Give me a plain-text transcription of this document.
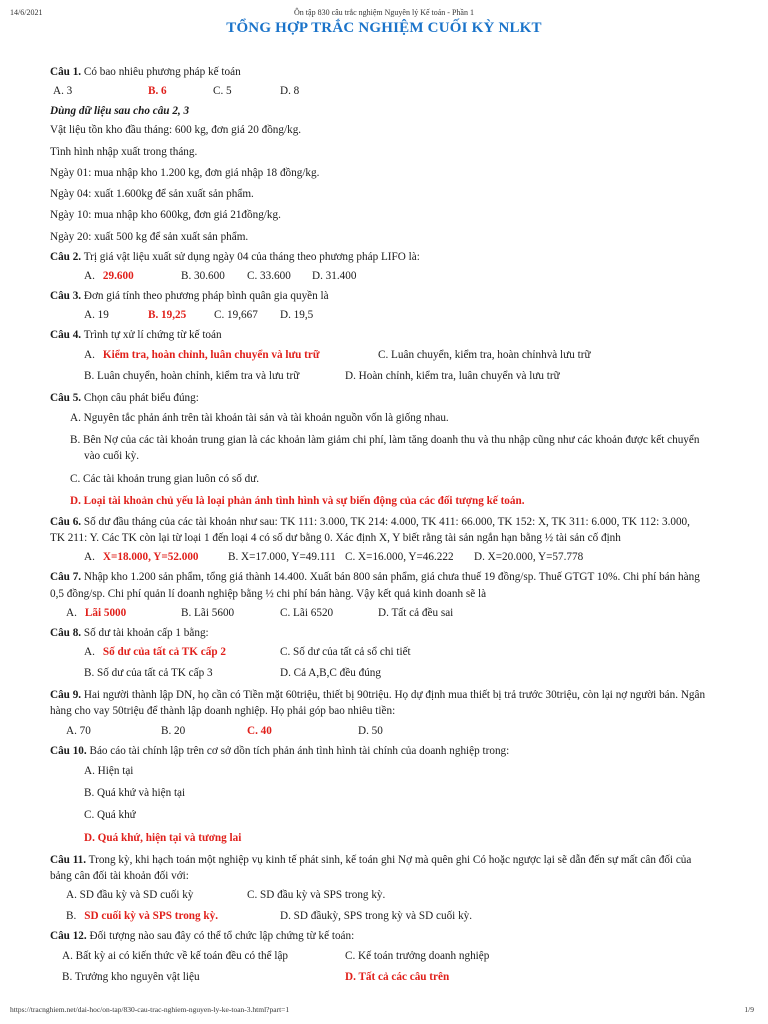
14/6/2021	Ôn tập 830 câu trắc nghiệm Nguyên lý Kế toán - Phần 1
TỔNG HỢP TRẮC NGHIỆM CUỐI KỲ NLKT

Câu 1. Có bao nhiêu phương pháp kế toán

A. 3	B. 6	C. 5	D. 8

Dùng dữ liệu sau cho câu 2, 3

Vật liệu tồn kho đầu tháng: 600 kg, đơn giá 20 đồng/kg.

Tình hình nhập xuất trong tháng.

Ngày 01: mua nhập kho 1.200 kg, đơn giá nhập 18 đồng/kg.

Ngày 04: xuất 1.600kg để sản xuất sản phẩm.

Ngày 10: mua nhập kho 600kg, đơn giá 21đồng/kg.

Ngày 20: xuất 500 kg để sản xuất sản phẩm.

Câu 2. Trị giá vật liệu xuất sử dụng ngày 04 của tháng theo phương pháp LIFO là:

A. 29.600	B. 30.600 C. 33.600 D. 31.400

Câu 3. Đơn giá tính theo phương pháp bình quân gia quyền là

A. 19	B. 19,25 C. 19,667 D. 19,5

Câu 4. Trình tự xử lí chứng từ kế toán

A. Kiểm tra, hoàn chỉnh, luân chuyển và lưu trữ	C. Luân chuyển, kiểm tra, hoàn chỉnhvà lưu trữ
B. Luân chuyển, hoàn chỉnh, kiểm tra và lưu trữ	D. Hoàn chỉnh, kiểm tra, luân chuyển và lưu trữ

Câu 5. Chọn câu phát biểu đúng:

A. Nguyên tắc phản ánh trên tài khoản tài sản và tài khoản nguồn vốn là giống nhau.

B. Bên Nợ của các tài khoản trung gian là các khoản làm giảm chi phí, làm tăng doanh thu và thu nhập cũng như các khoản được kết chuyển

vào cuối kỳ.

C. Các tài khoản trung gian luôn có số dư.

D. Loại tài khoản chủ yếu là loại phản ánh tình hình và sự biến động của các đối tượng kế toán.

Câu 6. Số dư đầu tháng của các tài khoản như sau: TK 111: 3.000, TK 214: 4.000, TK 411: 66.000, TK 152: X, TK 311: 6.000, TK 112: 3.000,

TK 211: Y. Các TK còn lại từ loại 1 đến loại 4 có số dư bằng 0. Xác định X, Y biết rằng tài sản ngắn hạn bằng ½ tài sản cố định

A. X=18.000, Y=52.000	B. X=17.000, Y=49.111 C. X=16.000, Y=46.222 D. X=20.000, Y=57.778

Câu 7. Nhập kho 1.200 sản phẩm, tổng giá thành 14.400. Xuất bán 800 sản phẩm, giá chưa thuế 19 đồng/sp. Thuế GTGT 10%. Chi phí bán hàng

0,5 đồng/sp. Chi phí quản lí doanh nghiệp bằng ½ chi phí bán hàng. Vậy kết quả kinh doanh sẽ là

A. Lãi 5000	B. Lãi 5600	C. Lãi 6520	D. Tất cả đều sai

Câu 8. Số dư tài khoản cấp 1 bằng:

A. Số dư của tất cả TK cấp 2	C. Số dư của tất cả sổ chi tiết
B. Số dư của tất cả TK cấp 3	D. Cả A,B,C đều đúng

Câu 9. Hai người thành lập DN, họ cần có Tiền mặt 60triệu, thiết bị 90triệu. Họ dự định mua thiết bị trả trước 30triệu, còn lại nợ người bán. Ngân

hàng cho vay 50triệu để thành lập doanh nghiệp. Họ phải góp bao nhiêu tiền:

A. 70	B. 20	C. 40	D. 50

Câu 10. Báo cáo tài chính lập trên cơ sở dồn tích phản ánh tình hình tài chính của doanh nghiệp trong:

A. Hiện tại

B. Quá khứ và hiện tại

C. Quá khứ

D. Quá khứ, hiện tại và tương lai

Câu 11. Trong kỳ, khi hạch toán một nghiệp vụ kinh tế phát sinh, kế toán ghi Nợ mà quên ghi Có hoặc ngược lại sẽ dẫn đến sự mất cân đối của

bảng cân đối tài khoản đối với:

A. SD đầu kỳ và SD cuối kỳ	C. SD đầu kỳ và SPS trong kỳ.
B. SD cuối kỳ và SPS trong kỳ.	D. SD đầukỳ, SPS trong kỳ và SD cuối kỳ.

Câu 12. Đối tượng nào sau đây có thể tổ chức lập chứng từ kế toán:

A. Bất kỳ ai có kiến thức về kế toán đều có thể lập	C. Kế toán trưởng doanh nghiệp
B. Trưởng kho nguyên vật liệu	D. Tất cả các câu trên
https://tracnghiem.net/dai-hoc/on-tap/830-cau-trac-nghiem-nguyen-ly-ke-toan-3.html?part=1	1/9
